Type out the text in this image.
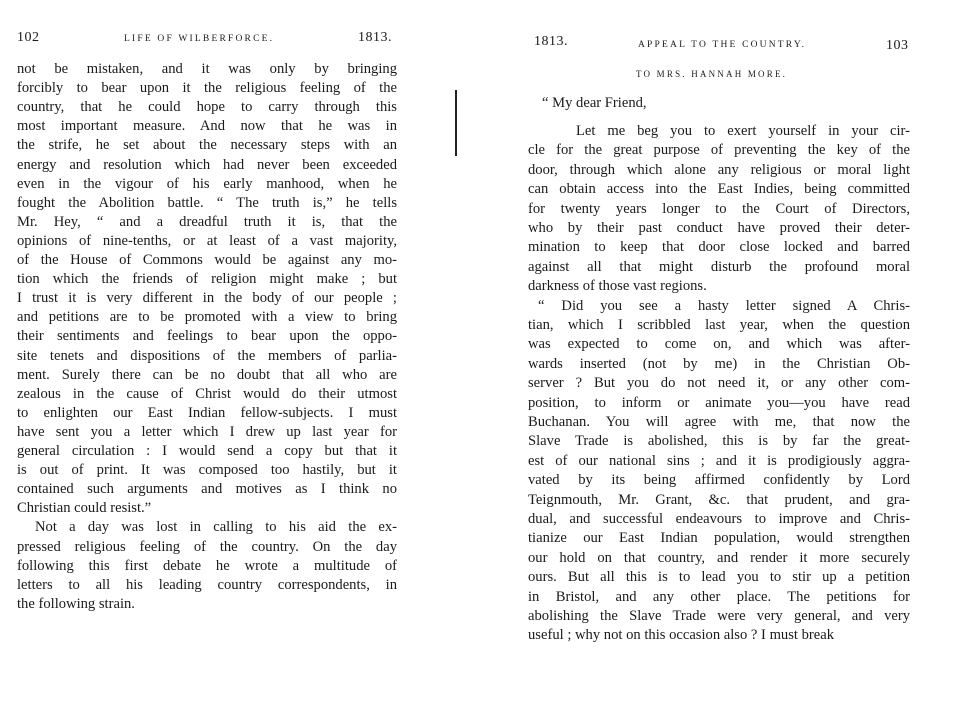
102	LIFE OF WILBERFORCE.	1813.
not be mistaken, and it was only by bringing
forcibly to bear upon it the religious feeling of the
country, that he could hope to carry through this
most important measure. And now that he was in
the strife, he set about the necessary steps with an
energy and resolution which had never been exceeded
even in the vigour of his early manhood, when he
fought the Abolition battle. “ The truth is,” he tells
Mr. Hey, “ and a dreadful truth it is, that the
opinions of nine-tenths, or at least of a vast majority,
of the House of Commons would be against any mo-
tion which the friends of religion might make ; but
I trust it is very different in the body of our people ;
and petitions are to be promoted with a view to bring
their sentiments and feelings to bear upon the oppo-
site tenets and dispositions of the members of parlia-
ment. Surely there can be no doubt that all who are
zealous in the cause of Christ would do their utmost
to enlighten our East Indian fellow-subjects. I must
have sent you a letter which I drew up last year for
general circulation : I would send a copy but that it
is out of print. It was composed too hastily, but it
contained such arguments and motives as I think no
Christian could resist.”
Not a day was lost in calling to his aid the ex-
pressed religious feeling of the country. On the day
following this first debate he wrote a multitude of
letters to all his leading country correspondents, in
the following strain.
1813.	APPEAL TO THE COUNTRY.	103
TO MRS. HANNAH MORE.
“ My dear Friend,
Let me beg you to exert yourself in your cir-
cle for the great purpose of preventing the key of the
door, through which alone any religious or moral light
can obtain access into the East Indies, being committed
for twenty years longer to the Court of Directors,
who by their past conduct have proved their deter-
mination to keep that door close locked and barred
against all that might disturb the profound moral
darkness of those vast regions.
“ Did you see a hasty letter signed A Chris-
tian, which I scribbled last year, when the question
was expected to come on, and which was after-
wards inserted (not by me) in the Christian Ob-
server ? But you do not need it, or any other com-
position, to inform or animate you—you have read
Buchanan. You will agree with me, that now the
Slave Trade is abolished, this is by far the great-
est of our national sins ; and it is prodigiously aggra-
vated by its being affirmed confidently by Lord
Teignmouth, Mr. Grant, &c. that prudent, and gra-
dual, and successful endeavours to improve and Chris-
tianize our East Indian population, would strengthen
our hold on that country, and render it more securely
ours. But all this is to lead you to stir up a petition
in Bristol, and any other place. The petitions for
abolishing the Slave Trade were very general, and very
useful ; why not on this occasion also ? I must break
